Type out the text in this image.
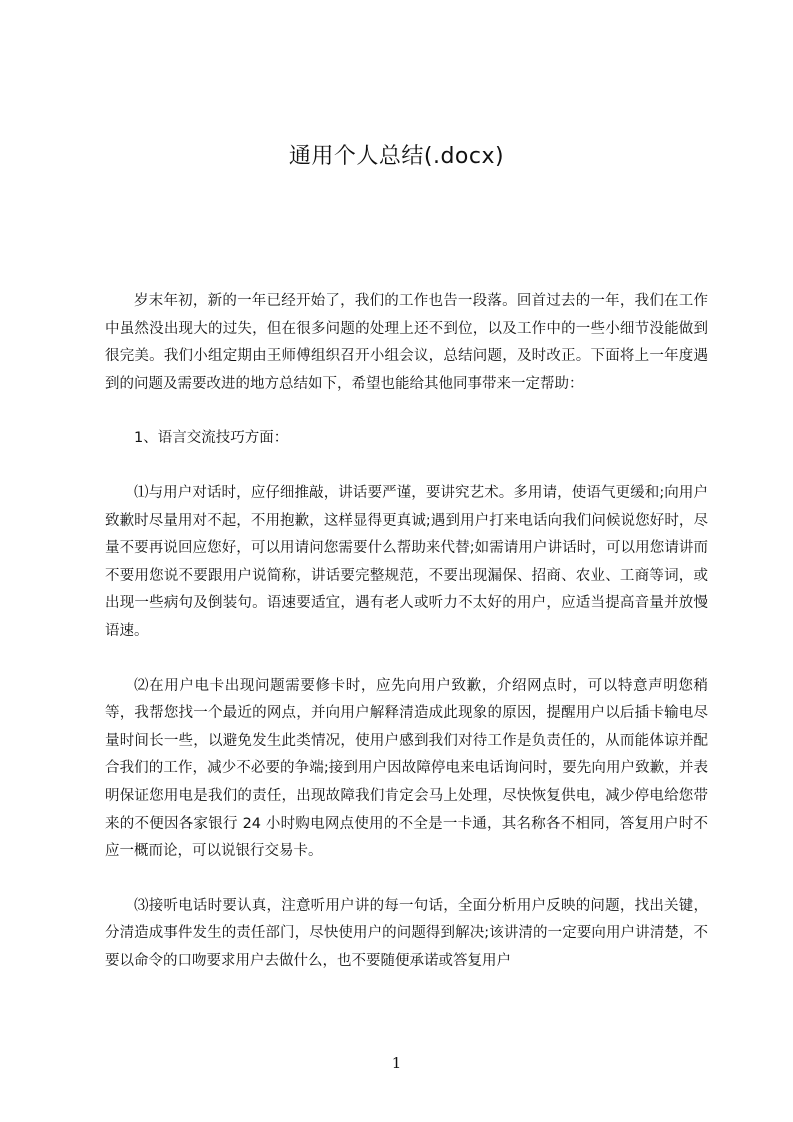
通用个人总结(.docx)

岁末年初，新的一年已经开始了，我们的工作也告一段落。回首过去的一年，我们在工作中虽然没出现大的过失，但在很多问题的处理上还不到位，以及工作中的一些小细节没能做到很完美。我们小组定期由王师傅组织召开小组会议，总结问题，及时改正。下面将上一年度遇到的问题及需要改进的地方总结如下，希望也能给其他同事带来一定帮助：

1、语言交流技巧方面：

⑴与用户对话时，应仔细推敲，讲话要严谨，要讲究艺术。多用请，使语气更缓和;向用户致歉时尽量用对不起，不用抱歉，这样显得更真诚;遇到用户打来电话向我们问候说您好时，尽量不要再说回应您好，可以用请问您需要什么帮助来代替;如需请用户讲话时，可以用您请讲而不要用您说不要跟用户说简称，讲话要完整规范，不要出现漏保、招商、农业、工商等词，或出现一些病句及倒装句。语速要适宜，遇有老人或听力不太好的用户，应适当提高音量并放慢语速。

⑵在用户电卡出现问题需要修卡时，应先向用户致歉，介绍网点时，可以特意声明您稍等，我帮您找一个最近的网点，并向用户解释清造成此现象的原因，提醒用户以后插卡输电尽量时间长一些，以避免发生此类情况，使用户感到我们对待工作是负责任的，从而能体谅并配合我们的工作，减少不必要的争端;接到用户因故障停电来电话询问时，要先向用户致歉，并表明保证您用电是我们的责任，出现故障我们肯定会马上处理，尽快恢复供电，减少停电给您带来的不便因各家银行 24 小时购电网点使用的不全是一卡通，其名称各不相同，答复用户时不应一概而论，可以说银行交易卡。

⑶接听电话时要认真，注意听用户讲的每一句话，全面分析用户反映的问题，找出关键，分清造成事件发生的责任部门，尽快使用户的问题得到解决;该讲清的一定要向用户讲清楚，不要以命令的口吻要求用户去做什么，也不要随便承诺或答复用户

1
